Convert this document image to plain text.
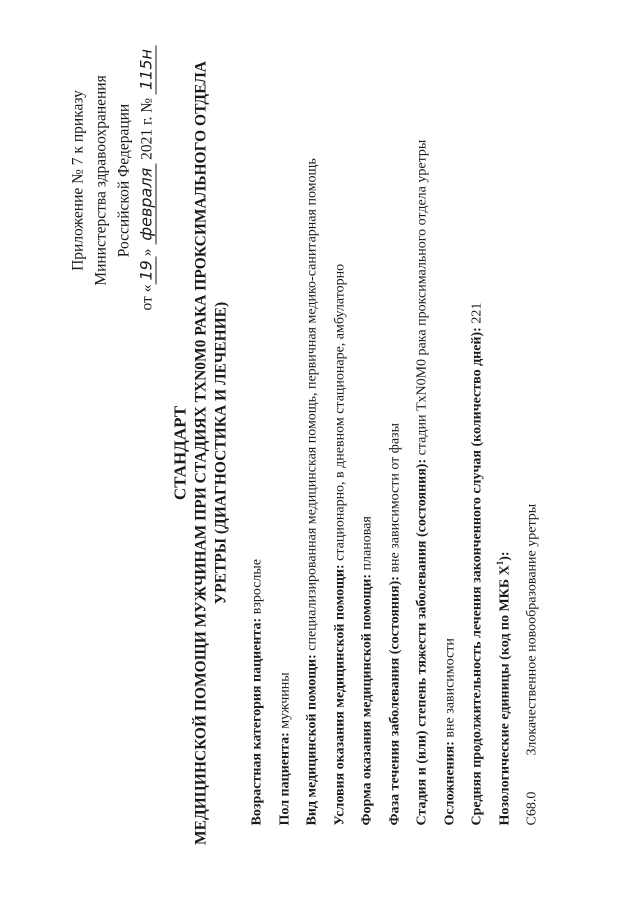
Приложение № 7 к приказу Министерства здравоохранения Российской Федерации
от «19» февраля 2021 г. № 115н
СТАНДАРТ МЕДИЦИНСКОЙ ПОМОЩИ МУЖЧИНАМ ПРИ СТАДИЯХ TXN0M0 РАКА ПРОКСИМАЛЬНОГО ОТДЕЛА УРЕТРЫ (ДИАГНОСТИКА И ЛЕЧЕНИЕ)
Возрастная категория пациента: взрослые
Пол пациента: мужчины Вид медицинской помощи: специализированная медицинская помощь, первичная медико-санитарная помощь
Условия оказания медицинской помощи: стационарно, в дневном стационаре, амбулаторно
Форма оказания медицинской помощи: плановая
Фаза течения заболевания (состояния): вне зависимости от фазы Стадия и (или) степень тяжести заболевания (состояния): стадии TxN0M0 рака проксимального отдела уретры
Осложнения: вне зависимости Средняя продолжительность лечения законченного случая (количество дней): 221
Нозологические единицы (код по МКБ $X^1$):
C68.0Злокачественное новообразование уретры
